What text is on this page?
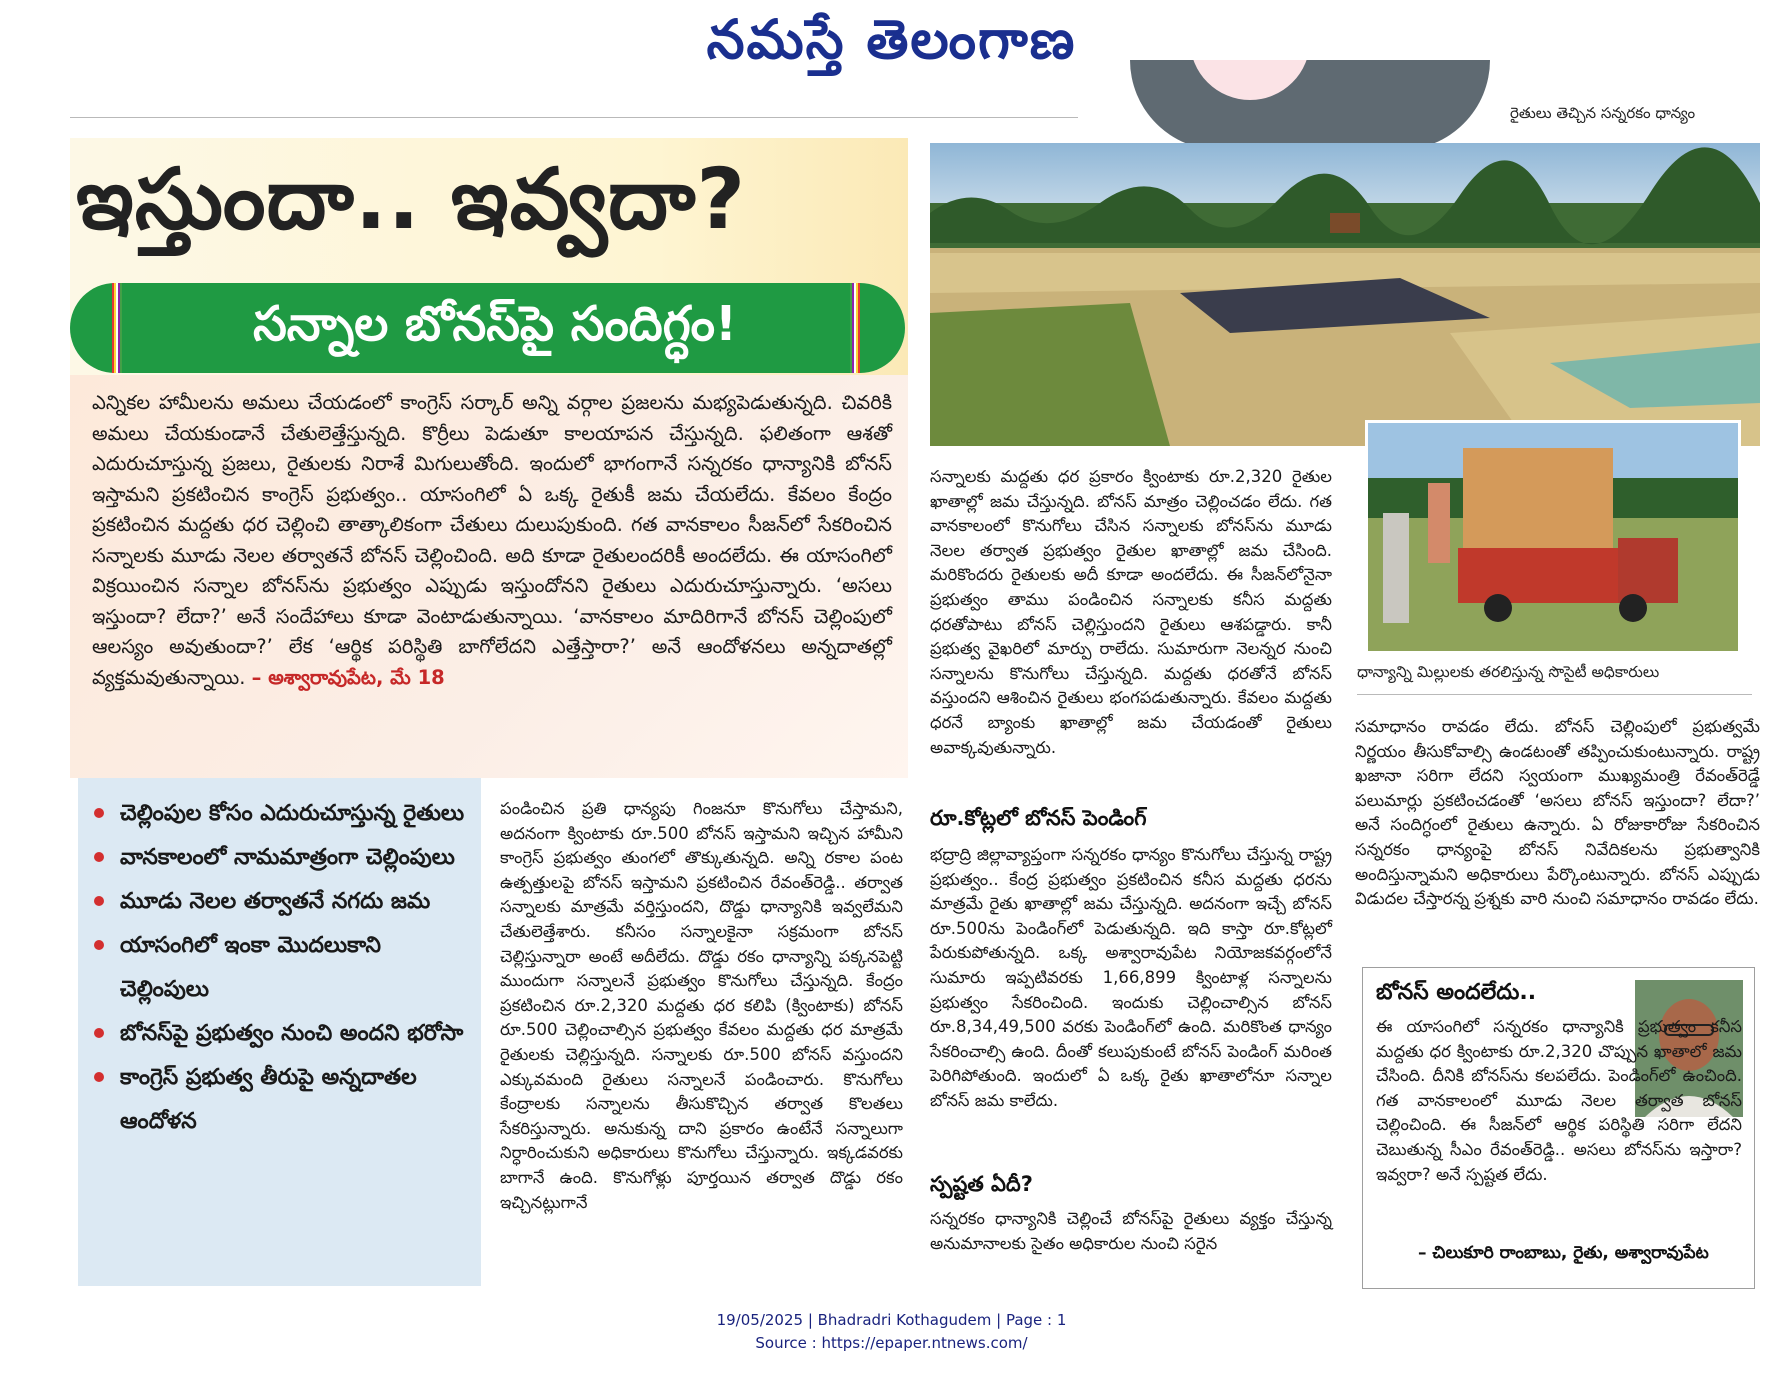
నమస్తే తెలంగాణ
రైతులు తెచ్చిన సన్నరకం ధాన్యం
ఇస్తుందా.. ఇవ్వదా?
సన్నాల బోనస్‌పై సందిగ్ధం!
ఎన్నికల హామీలను అమలు చేయడంలో కాంగ్రెస్ సర్కార్ అన్ని వర్గాల ప్రజలను మభ్యపెడుతున్నది. చివరికి అమలు చేయకుండానే చేతులెత్తేస్తున్నది. కొర్రీలు పెడుతూ కాలయాపన చేస్తున్నది. ఫలితంగా ఆశతో ఎదురుచూస్తున్న ప్రజలు, రైతులకు నిరాశే మిగులుతోంది. ఇందులో భాగంగానే సన్నరకం ధాన్యానికి బోనస్ ఇస్తామని ప్రకటించిన కాంగ్రెస్ ప్రభుత్వం.. యాసంగిలో ఏ ఒక్క రైతుకీ జమ చేయలేదు. కేవలం కేంద్రం ప్రకటించిన మద్దతు ధర చెల్లించి తాత్కాలికంగా చేతులు దులుపుకుంది. గత వానకాలం సీజన్‌లో సేకరించిన సన్నాలకు మూడు నెలల తర్వాతనే బోనస్ చెల్లించింది. అది కూడా రైతులందరికీ అందలేదు. ఈ యాసంగిలో విక్రయించిన సన్నాల బోనస్‌ను ప్రభుత్వం ఎప్పుడు ఇస్తుందోనని రైతులు ఎదురుచూస్తున్నారు. ‘అసలు ఇస్తుందా? లేదా?’ అనే సందేహాలు కూడా వెంటాడుతున్నాయి. ‘వానకాలం మాదిరిగానే బోనస్ చెల్లింపులో ఆలస్యం అవుతుందా?’ లేక ‘ఆర్థిక పరిస్థితి బాగోలేదని ఎత్తేస్తారా?’ అనే ఆందోళనలు అన్నదాతల్లో వ్యక్తమవుతున్నాయి. – అశ్వారావుపేట, మే 18
చెల్లింపుల కోసం ఎదురుచూస్తున్న రైతులు
వానకాలంలో నామమాత్రంగా చెల్లింపులు
మూడు నెలల తర్వాతనే నగదు జమ
యాసంగిలో ఇంకా మొదలుకాని చెల్లింపులు
బోనస్‌పై ప్రభుత్వం నుంచి అందని భరోసా
కాంగ్రెస్ ప్రభుత్వ తీరుపై అన్నదాతల ఆందోళన
పండించిన ప్రతి ధాన్యపు గింజనూ కొనుగోలు చేస్తామని, అదనంగా క్వింటాకు రూ.500 బోనస్ ఇస్తామని ఇచ్చిన హామీని కాంగ్రెస్ ప్రభుత్వం తుంగలో తొక్కుతున్నది. అన్ని రకాల పంట ఉత్పత్తులపై బోనస్ ఇస్తామని ప్రకటించిన రేవంత్‌రెడ్డి.. తర్వాత సన్నాలకు మాత్రమే వర్తిస్తుందని, దొడ్డు ధాన్యానికి ఇవ్వలేమని చేతులెత్తేశారు. కనీసం సన్నాలకైనా సక్రమంగా బోనస్ చెల్లిస్తున్నారా అంటే అదీలేదు. దొడ్డు రకం ధాన్యాన్ని పక్కనపెట్టి ముందుగా సన్నాలనే ప్రభుత్వం కొనుగోలు చేస్తున్నది. కేంద్రం ప్రకటించిన రూ.2,320 మద్దతు ధర కలిపి (క్వింటాకు) బోనస్ రూ.500 చెల్లించాల్సిన ప్రభుత్వం కేవలం మద్దతు ధర మాత్రమే రైతులకు చెల్లిస్తున్నది. సన్నాలకు రూ.500 బోనస్ వస్తుందని ఎక్కువమంది రైతులు సన్నాలనే పండించారు. కొనుగోలు కేంద్రాలకు సన్నాలను తీసుకొచ్చిన తర్వాత కొలతలు సేకరిస్తున్నారు. అనుకున్న దాని ప్రకారం ఉంటేనే సన్నాలుగా నిర్ధారించుకుని అధికారులు కొనుగోలు చేస్తున్నారు. ఇక్కడవరకు బాగానే ఉంది. కొనుగోళ్లు పూర్తయిన తర్వాత దొడ్డు రకం ఇచ్చినట్లుగానే
ధాన్యాన్ని మిల్లులకు తరలిస్తున్న సొసైటీ అధికారులు
సన్నాలకు మద్దతు ధర ప్రకారం క్వింటాకు రూ.2,320 రైతుల ఖాతాల్లో జమ చేస్తున్నది. బోనస్ మాత్రం చెల్లించడం లేదు. గత వానకాలంలో కొనుగోలు చేసిన సన్నాలకు బోనస్‌ను మూడు నెలల తర్వాత ప్రభుత్వం రైతుల ఖాతాల్లో జమ చేసింది. మరికొందరు రైతులకు అదీ కూడా అందలేదు. ఈ సీజన్‌లోనైనా ప్రభుత్వం తాము పండించిన సన్నాలకు కనీస మద్దతు ధరతోపాటు బోనస్ చెల్లిస్తుందని రైతులు ఆశపడ్డారు. కానీ ప్రభుత్వ వైఖరిలో మార్పు రాలేదు. సుమారుగా నెలన్నర నుంచి సన్నాలను కొనుగోలు చేస్తున్నది. మద్దతు ధరతోనే బోనస్ వస్తుందని ఆశించిన రైతులు భంగపడుతున్నారు. కేవలం మద్దతు ధరనే బ్యాంకు ఖాతాల్లో జమ చేయడంతో రైతులు అవాక్కవుతున్నారు.
రూ.కోట్లలో బోనస్ పెండింగ్
భద్రాద్రి జిల్లావ్యాప్తంగా సన్నరకం ధాన్యం కొనుగోలు చేస్తున్న రాష్ట్ర ప్రభుత్వం.. కేంద్ర ప్రభుత్వం ప్రకటించిన కనీస మద్దతు ధరను మాత్రమే రైతు ఖాతాల్లో జమ చేస్తున్నది. అదనంగా ఇచ్చే బోనస్ రూ.500ను పెండింగ్‌లో పెడుతున్నది. ఇది కాస్తా రూ.కోట్లలో పేరుకుపోతున్నది. ఒక్క అశ్వారావుపేట నియోజకవర్గంలోనే సుమారు ఇప్పటివరకు 1,66,899 క్వింటాళ్ల సన్నాలను ప్రభుత్వం సేకరించింది. ఇందుకు చెల్లించాల్సిన బోనస్ రూ.8,34,49,500 వరకు పెండింగ్‌లో ఉంది. మరికొంత ధాన్యం సేకరించాల్సి ఉంది. దీంతో కలుపుకుంటే బోనస్ పెండింగ్ మరింత పెరిగిపోతుంది. ఇందులో ఏ ఒక్క రైతు ఖాతాలోనూ సన్నాల బోనస్ జమ కాలేదు.
స్పష్టత ఏదీ?
సన్నరకం ధాన్యానికి చెల్లించే బోనస్‌పై రైతులు వ్యక్తం చేస్తున్న అనుమానాలకు సైతం అధికారుల నుంచి సరైన
సమాధానం రావడం లేదు. బోనస్ చెల్లింపులో ప్రభుత్వమే నిర్ణయం తీసుకోవాల్సి ఉండటంతో తప్పించుకుంటున్నారు. రాష్ట్ర ఖజానా సరిగా లేదని స్వయంగా ముఖ్యమంత్రి రేవంత్‌రెడ్డే పలుమార్లు ప్రకటించడంతో ‘అసలు బోనస్ ఇస్తుందా? లేదా?’ అనే సందిగ్ధంలో రైతులు ఉన్నారు. ఏ రోజుకారోజు సేకరించిన సన్నరకం ధాన్యంపై బోనస్ నివేదికలను ప్రభుత్వానికి అందిస్తున్నామని అధికారులు పేర్కొంటున్నారు. బోనస్ ఎప్పుడు విడుదల చేస్తారన్న ప్రశ్నకు వారి నుంచి సమాధానం రావడం లేదు.
బోనస్ అందలేదు..
ఈ యాసంగిలో సన్నరకం ధాన్యానికి ప్రభుత్వం కనీస మద్దతు ధర క్వింటాకు రూ.2,320 చొప్పున ఖాతాలో జమ చేసింది. దీనికి బోనస్‌ను కలపలేదు. పెండింగ్‌లో ఉంచింది. గత వానకాలంలో మూడు నెలల తర్వాత బోనస్ చెల్లించింది. ఈ సీజన్‌లో ఆర్థిక పరిస్థితి సరిగా లేదని చెబుతున్న సీఎం రేవంత్‌రెడ్డి.. అసలు బోనస్‌ను ఇస్తారా? ఇవ్వరా? అనే స్పష్టత లేదు.
– చిలుకూరి రాంబాబు, రైతు, అశ్వారావుపేట
19/05/2025 | Bhadradri Kothagudem | Page : 1
Source : https://epaper.ntnews.com/
